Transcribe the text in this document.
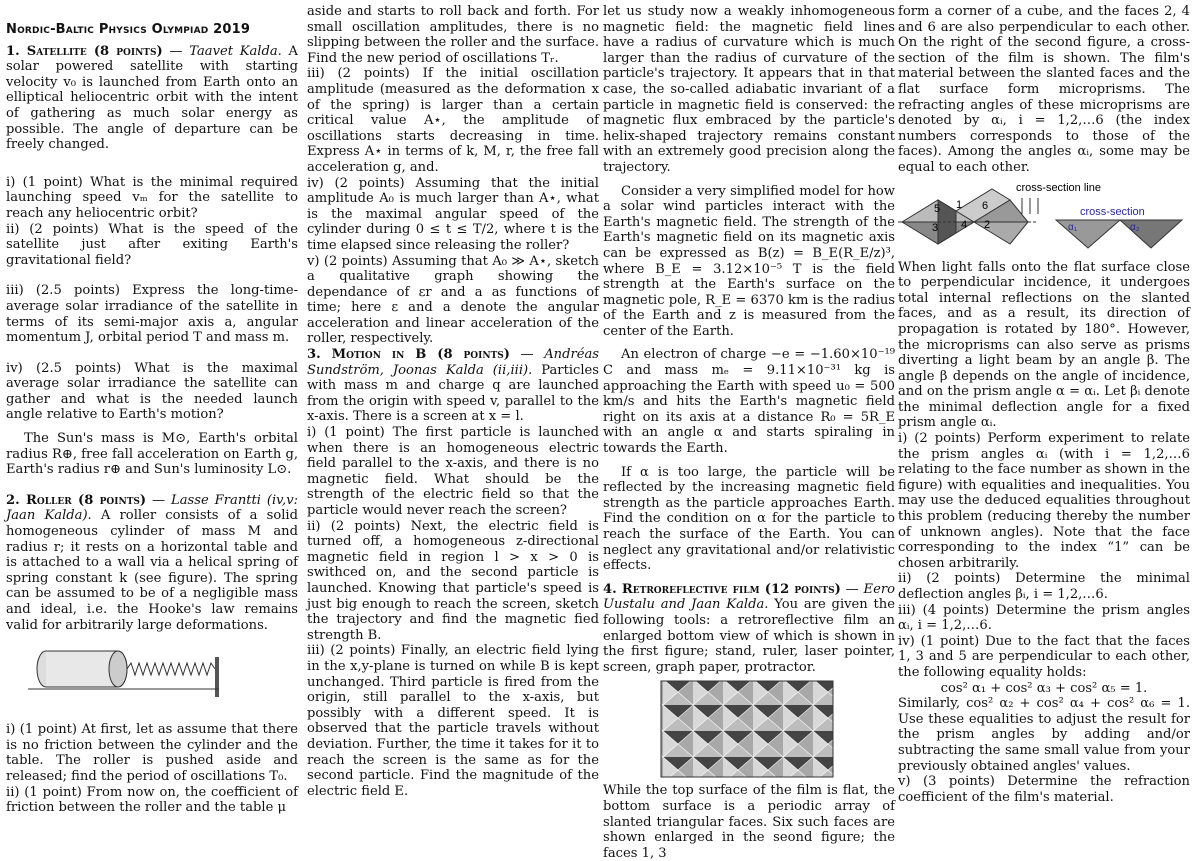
Nordic-Baltic Physics Olympiad 2019

1. Satellite (8 points) — Taavet Kalda. A solar powered satellite with starting velocity v₀ is launched from Earth onto an elliptical heliocentric orbit with the intent of gathering as much solar energy as possible. The angle of departure can be freely changed.

i) (1 point) What is the minimal required launching speed vₘ for the satellite to reach any heliocentric orbit?

ii) (2 points) What is the speed of the satellite just after exiting Earth's gravitational field?

iii) (2.5 points) Express the long-time-average solar irradiance of the satellite in terms of its semi-major axis a, angular momentum J, orbital period T and mass m.

iv) (2.5 points) What is the maximal average solar irradiance the satellite can gather and what is the needed launch angle relative to Earth's motion?

The Sun's mass is M⊙, Earth's orbital radius R⊕, free fall acceleration on Earth g, Earth's radius r⊕ and Sun's luminosity L⊙.

2. Roller (8 points) — Lasse Frantti (iv,v: Jaan Kalda). A roller consists of a solid homogeneous cylinder of mass M and radius r; it rests on a horizontal table and is attached to a wall via a helical spring of spring constant k (see figure). The spring can be assumed to be of a negligible mass and ideal, i.e. the Hooke's law remains valid for arbitrarily large deformations.

i) (1 point) At first, let as assume that there is no friction between the cylinder and the table. The roller is pushed aside and released; find the period of oscillations T₀.

ii) (1 point) From now on, the coefficient of friction between the roller and the table μ

aside and starts to roll back and forth. For small oscillation amplitudes, there is no slipping between the roller and the surface. Find the new period of oscillations Tᵣ.

iii) (2 points) If the initial oscillation amplitude (measured as the deformation x of the spring) is larger than a certain critical value A⋆, the amplitude of oscillations starts decreasing in time. Express A⋆ in terms of k, M, r, the free fall acceleration g, and.

iv) (2 points) Assuming that the initial amplitude A₀ is much larger than A⋆, what is the maximal angular speed of the cylinder during 0 ≤ t ≤ T/2, where t is the time elapsed since releasing the roller?

v) (2 points) Assuming that A₀ ≫ A⋆, sketch a qualitative graph showing the dependance of εr and a as functions of time; here ε and a denote the angular acceleration and linear acceleration of the roller, respectively.

3. Motion in B (8 points) — Andréas Sundström, Joonas Kalda (ii,iii). Particles with mass m and charge q are launched from the origin with speed v, parallel to the x-axis. There is a screen at x = l.

i) (1 point) The first particle is launched when there is an homogeneous electric field parallel to the x-axis, and there is no magnetic field. What should be the strength of the electric field so that the particle would never reach the screen?

ii) (2 points) Next, the electric field is turned off, a homogeneous z-directional magnetic field in region l > x > 0 is swithced on, and the second particle is launched. Knowing that particle's speed is just big enough to reach the screen, sketch the trajectory and find the magnetic fied strength B.

iii) (2 points) Finally, an electric field lying in the x,y-plane is turned on while B is kept unchanged. Third particle is fired from the origin, still parallel to the x-axis, but possibly with a different speed. It is observed that the particle travels without deviation. Further, the time it takes for it to reach the screen is the same as for the second particle. Find the magnitude of the electric field E.

let us study now a weakly inhomogeneous magnetic field: the magnetic field lines have a radius of curvature which is much larger than the radius of curvature of the particle's trajectory. It appears that in that case, the so-called adiabatic invariant of a particle in magnetic field is conserved: the magnetic flux embraced by the particle's helix-shaped trajectory remains constant with an extremely good precision along the trajectory.

Consider a very simplified model for how a solar wind particles interact with the Earth's magnetic field. The strength of the Earth's magnetic field on its magnetic axis can be expressed as B(z) = B_E(R_E/z)³, where B_E = 3.12×10⁻⁵ T is the field strength at the Earth's surface on the magnetic pole, R_E = 6370 km is the radius of the Earth and z is measured from the center of the Earth.

An electron of charge −e = −1.60×10⁻¹⁹ C and mass mₑ = 9.11×10⁻³¹ kg is approaching the Earth with speed u₀ = 500 km/s and hits the Earth's magnetic field right on its axis at a distance R₀ = 5R_E with an angle α and starts spiraling in towards the Earth.

If α is too large, the particle will be reflected by the increasing magnetic field strength as the particle approaches Earth. Find the condition on α for the particle to reach the surface of the Earth. You can neglect any gravitational and/or relativistic effects.

4. Retroreflective film (12 points) — Eero Uustalu and Jaan Kalda. You are given the following tools: a retroreflective film an enlarged bottom view of which is shown in the first figure; stand, ruler, laser pointer, screen, graph paper, protractor.

While the top surface of the film is flat, the bottom surface is a periodic array of slanted triangular faces. Six such faces are shown enlarged in the seond figure; the faces 1, 3

form a corner of a cube, and the faces 2, 4 and 6 are also perpendicular to each other. On the right of the second figure, a cross-section of the film is shown. The film's material between the slanted faces and the flat surface form microprisms. The refracting angles of these microprisms are denoted by αᵢ, i = 1,2,…6 (the index numbers corresponds to those of the faces). Among the angles αᵢ, some may be equal to each other.

cross-section line
5 1 6
3 4 2
cross-section
α₁	α₂

When light falls onto the flat surface close to perpendicular incidence, it undergoes total internal reflections on the slanted faces, and as a result, its direction of propagation is rotated by 180°. However, the microprisms can also serve as prisms diverting a light beam by an angle β. The angle β depends on the angle of incidence, and on the prism angle α = αᵢ. Let βᵢ denote the minimal deflection angle for a fixed prism angle αᵢ.

i) (2 points) Perform experiment to relate the prism angles αᵢ (with i = 1,2,…6 relating to the face number as shown in the figure) with equalities and inequalities. You may use the deduced equalities throughout this problem (reducing thereby the number of unknown angles). Note that the face corresponding to the index “1” can be chosen arbitrarily.

ii) (2 points) Determine the minimal deflection angles βᵢ, i = 1,2,…6.

iii) (4 points) Determine the prism angles αᵢ, i = 1,2,…6.

iv) (1 point) Due to the fact that the faces 1, 3 and 5 are perpendicular to each other, the following equality holds:

cos² α₁ + cos² α₃ + cos² α₅ = 1.

Similarly, cos² α₂ + cos² α₄ + cos² α₆ = 1. Use these equalities to adjust the result for the prism angles by adding and/or subtracting the same small value from your previously obtained angles' values.

v) (3 points) Determine the refraction coefficient of the film's material.
